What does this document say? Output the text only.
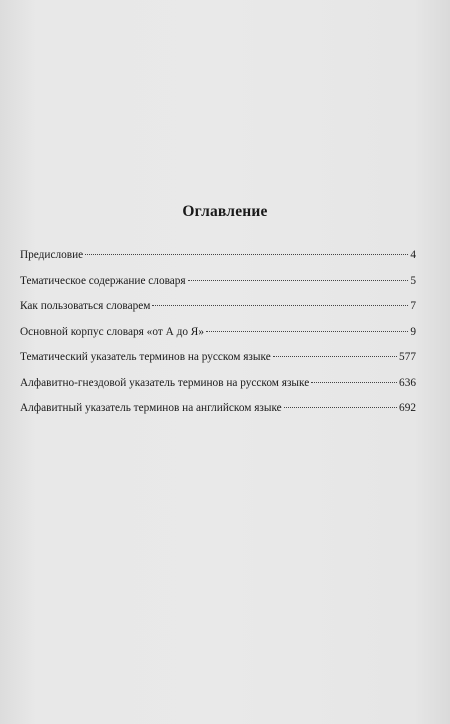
Оглавление
Предисловие	4
Тематическое содержание словаря	5
Как пользоваться словарем	7
Основной корпус словаря «от А до Я»	9
Тематический указатель терминов на русском языке	577
Алфавитно-гнездовой указатель терминов на русском языке	636
Алфавитный указатель терминов на английском языке	692
